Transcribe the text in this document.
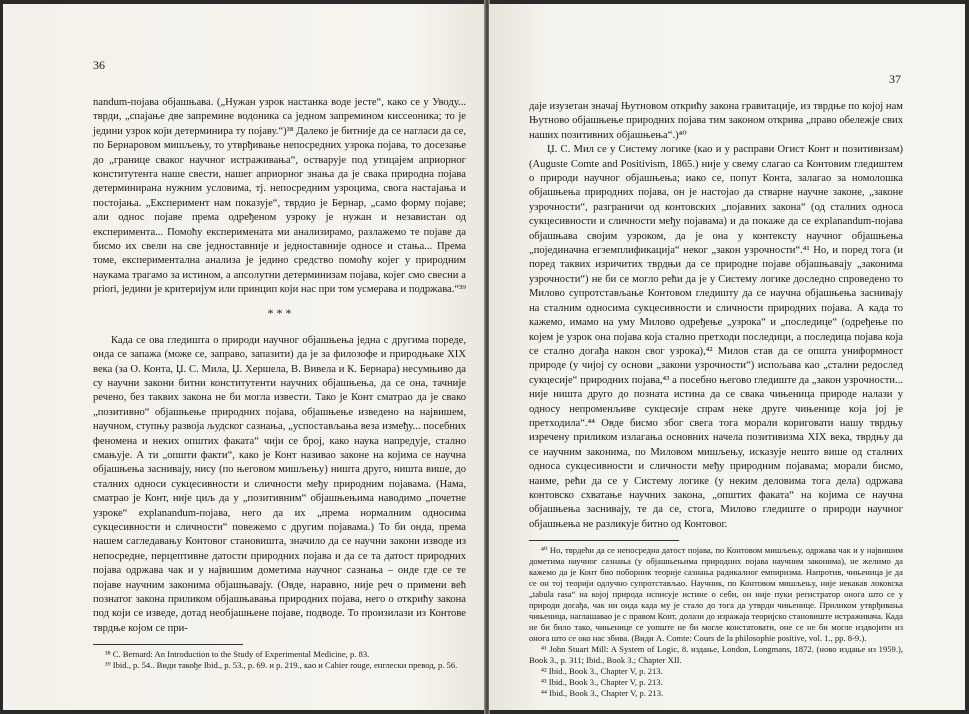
36

nandum-појава објашњава. („Нужан узрок настанка воде јесте“, како се у Уводу... тврди, „спајање две запремине водоника са једном запремином киссеоника; то је једини узрок који детерминира ту појаву.“)³⁸ Далеко је битније да се нагласи да се, по Бернаровом мишљењу, то утврђивање непосредних узрока појава, то досезање до „границе сваког научног истраживања“, остварује под утицајем априорног конститутента наше свести, нашег априорног знања да је свака природна појава детерминирана нужним условима, тј. непосредним узроцима, свога настајања и постојања. „Експеримент нам показује“, тврдио је Бернар, „само форму појаве; али однос појаве према одређеном узроку је нужан и независтан од експеримента... Помоћу експеримената ми анализирамо, разлажемо те појаве да бисмо их свели на све једноставније и једноставније односе и стања... Према томе, експериментална анализа је једино средство помоћу којег у природним наукама трагамо за истином, а апсолутни детерминизам појава, којег смо свесни a priori, једини је критеријум или принцип који нас при том усмерава и подржава.“³⁹

* * *

Када се ова гледишта о природи научног објашњења једна с другима пореде, онда се запажа (може се, заправо, запазити) да је за филозофе и природњаке XIX века (за О. Конта, Џ. С. Мила, Џ. Хершела, В. Вивела и К. Бернара) несумњиво да су научни закони битни конститутенти научних објашњења, да се она, тачније речено, без таквих закона не би могла извести. Тако је Конт сматрао да је свако „позитивно“ објашњење природних појава, објашњење изведено на највишем, научном, ступњу развоја људског сазнања, „успостављања веза између... посебних феномена и неких општих факата“ чији се број, како наука напредује, стално смањује. А ти „општи факти“, како је Конт називао законе на којима се научна објашњења заснивају, нису (по његовом мишљењу) ништа друго, ништа више, до сталних односи сукцесивности и сличности међу природним појавама. (Нама, сматрао је Конт, није циљ да у „позитивним“ објашњењима наводимо „почетне узроке“ explanandum-појава, него да их „према нормалним односима сукцесивности и сличности“ повежемо с другим појавама.) То би онда, према нашем сагледавању Контовог становишта, значило да се научни закони изводе из непосредне, перцептивне датости природних појава и да се та датост природних појава одржава чак и у највишим дометима научног сазнања – онде где се те појаве научним законима објашњавају. (Овде, наравно, није реч о примени већ познатог закона приликом објашњавања природних појава, него о открићу закона под који се изведе, дотад необјашњене појаве, подводе. То произилази из Контове тврдње којом се при-

³⁸ C. Bernard: An Introduction to the Study of Experimental Medicine, p. 83.
³⁹ Ibid., p. 54.. Види такође Ibid., p. 53., р. 69. и p. 219., као и Cahier rouge, енглески превод, p. 56.
37

даје изузетан значај Њутновом открићу закона гравитације, из тврдње по којој нам Њутново објашњење природних појава тим законом открива „право обележје свих наших позитивних објашњења“.)⁴⁰

Џ. С. Мил се у Систему логике (као и у расправи Огист Конт и позитивизам) (Auguste Comte and Positivism, 1865.) није у свему слагао са Контовим гледиштем о природи научног објашњења; иако се, попут Конта, залагао за номолошка објашњења природних појава, он је настојао да стварне научне законе, „законе узрочности“, разграничи од контовских „појавних закона“ (од сталних односа сукцесивности и сличности међу појавама) и да покаже да се explanandum-појава објашњава својим узроком, да је она у контексту научног објашњења „појединачна егземплификација“ неког „закон узрочности“.⁴¹ Но, и поред тога (и поред таквих изричитих тврдњи да се природне појаве објашњавају „законима узрочности“) не би се могло рећи да је у Систему логике доследно спроведено то Милово супротстављање Контовом гледишту да се научна објашњења заснивају на сталним односима сукцесивности и сличности природних појава. А када то кажемо, имамо на уму Милово одређење „узрока“ и „последице“ (одређење по којем је узрок она појава која стално претходи последици, а последица појава која се стално догађа након свог узрока),⁴² Милов став да се општа униформност природе (у чијој су основи „закони узрочности“) испољава као „стални редослед сукцесије“ природних појава,⁴³ а посебно његово гледиште да „закон узрочности... није ништа друго до позната истина да се свака чињеница природе налази у односу непроменљиве сукцесије спрам неке друге чињенице која јој је претходила“.⁴⁴ Овде бисмо због свега тога морали кориговати нашу тврдњу изречену приликом излагања основних начела позитивизма XIX века, тврдњу да се научним законима, по Миловом мишљењу, исказује нешто више од сталних односа сукцесивности и сличности међу природним појавама; морали бисмо, наиме, рећи да се у Систему логике (у неким деловима тога дела) одржава контовско схватање научних закона, „општих факата“ на којима се научна објашњења заснивају, те да се, стога, Милово гледиште о природи научног објашњења не разликује битно од Контовог.

⁴⁰ Но, тврдећи да се непосредна датост појава, по Контовом мишљењу, одржава чак и у највишим дометима научног сазнања (у објашњењима природних појава научним законима), не желимо да кажемо да је Конт био поборник теорије сазнања радикалног емпиризма. Напротив, чињеница је да се он тој теорији одлучно супротстављао. Научник, по Контовом мишљењу, није некакав локовска „tabula rasa“ на којој природа исписује истине о себи, он није пуки регистратор онога што се у природи догађа, чак ни онда када му је стало до тога да утврди чињенице. Приликом утврђивања чињеница, наглашавао је с правом Конт, долази до изражаја теоријско становиште истраживача. Када не би било тако, чињенице се уопште не би могле констатовати, оне се не би могле издвојити из онога што се око нас збива. (Види A. Comte: Cours de la philosophie positive, vol. 1., pp. 8-9.).
⁴¹ John Stuart Mill: A System of Logic, 8. издање, London, Longmans, 1872. (ново издање из 1959.), Book 3., p. 311; Ibid., Book 3.; Chapter XII.
⁴² Ibid., Book 3., Chapter V, p. 213.
⁴³ Ibid., Book 3., Chapter V, p. 213.
⁴⁴ Ibid., Book 3., Chapter V, p. 213.
